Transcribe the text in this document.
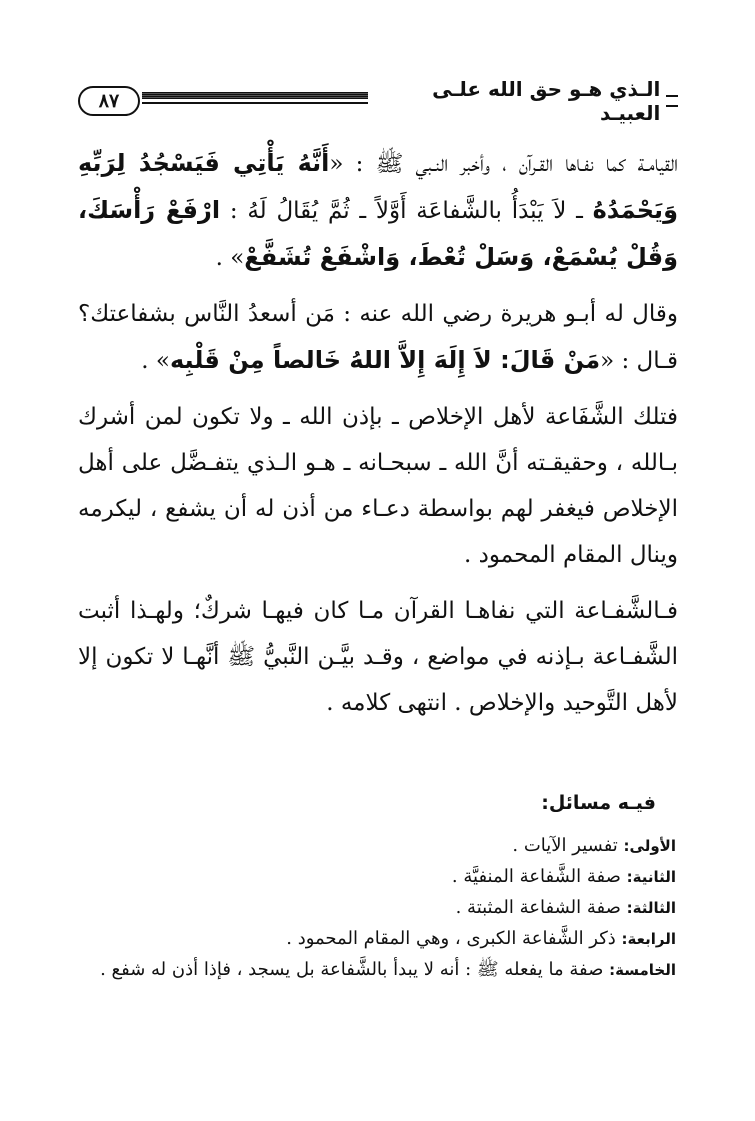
٨٧	الـذي هـو حق الله علـى العبيـد

القيامـة كما نفـاها القـرآن ، وأخبر النـبي ﷺ : «أَنَّهُ يَأْتِي فَيَسْجُدُ لِرَبِّهِ وَيَحْمَدُهُ ـ لاَ يَبْدَأُ بالشَّفاعَة أَوَّلاً ـ ثُمَّ يُقَالُ لَهُ : ارْفَعْ رَأْسَكَ، وَقُلْ يُسْمَعْ، وَسَلْ تُعْطَ، وَاشْفَعْ تُشَفَّعْ» .

وقال له أبـو هريرة رضي الله عنه : مَن أسعدُ النَّاس بشفاعتك؟ قـال : «مَنْ قَالَ: لاَ إِلَهَ إِلاَّ اللهُ خَالصاً مِنْ قَلْبِه» .

فتلك الشَّفَاعة لأهل الإخلاص ـ بإذن الله ـ ولا تكون لمن أشرك بـالله ، وحقيقـته أنَّ الله ـ سبحـانه ـ هـو الـذي يتفـضَّل على أهل الإخلاص فيغفر لهم بواسطة دعـاء من أذن له أن يشفع ، ليكرمه وينال المقام المحمود .

فـالشَّفـاعة التي نفاهـا القرآن مـا كان فيهـا شركٌ؛ ولهـذا أثبت الشَّفـاعة بـإذنه في مواضع ، وقـد بيَّـن النَّبيُّ ﷺ أنَّهـا لا تكون إلا لأهل التَّوحيد والإخلاص . انتهى كلامه .

فيـه مسائل:
الأولى: تفسير الآيات .
الثانية: صفة الشَّفاعة المنفيَّة .
الثالثة: صفة الشفاعة المثبتة .
الرابعة: ذكر الشَّفاعة الكبرى ، وهي المقام المحمود .
الخامسة: صفة ما يفعله ﷺ : أنه لا يبدأ بالشَّفاعة بل يسجد ، فإذا أذن له شفع .
